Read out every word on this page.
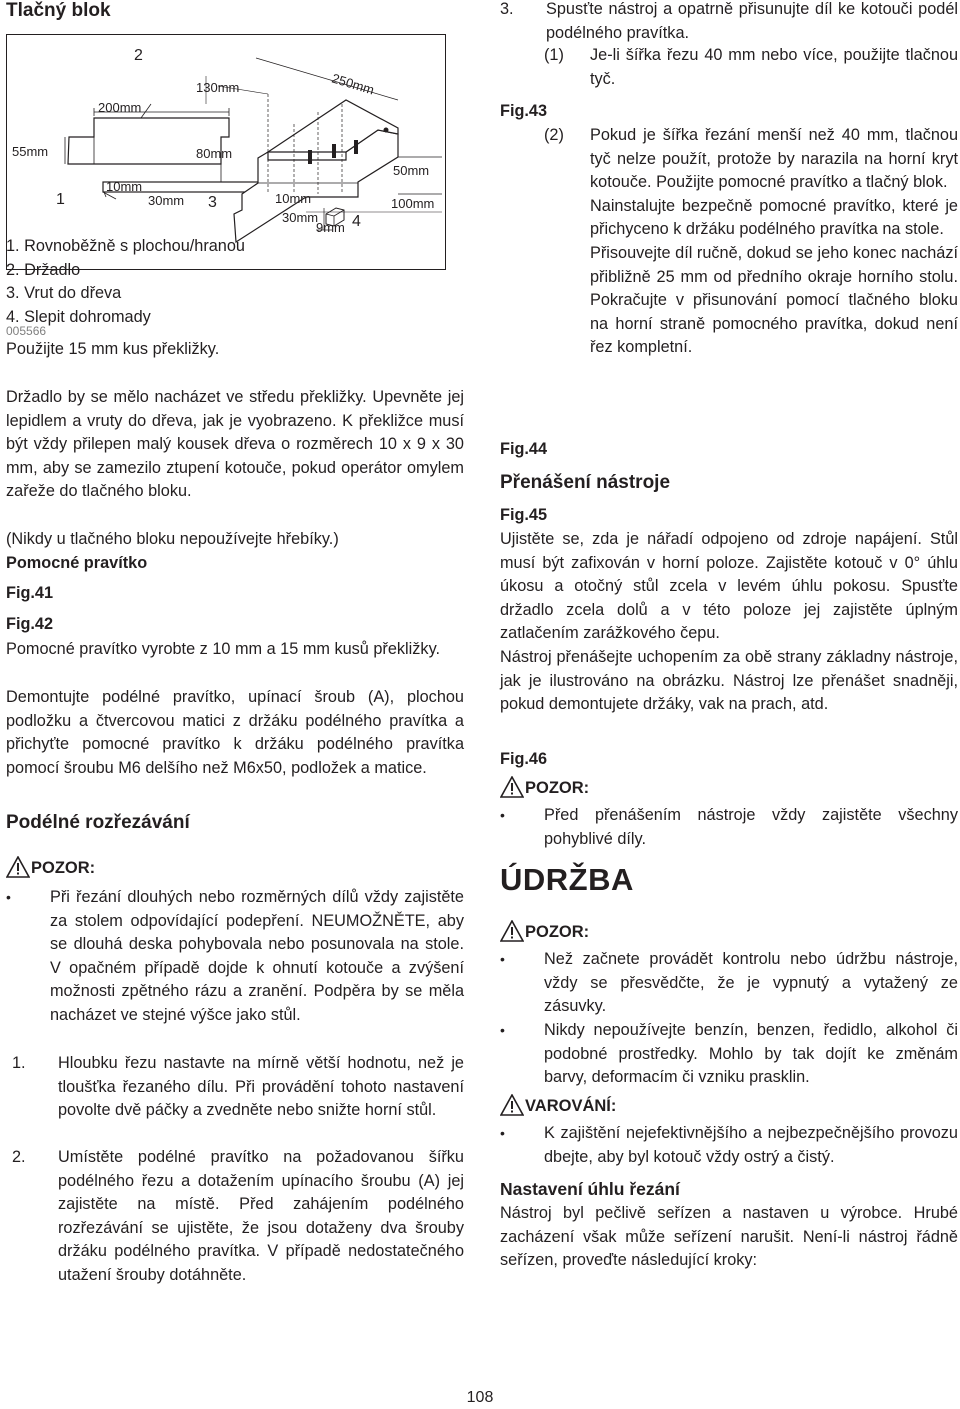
Tlačný blok
2
200mm
130mm	250mm
55mm	80mm
50mm
1
10mm
30mm 3	10mm	100mm
30mm
9mm 4
1. Rovnoběžně s plochou/hranou
2. Držadlo
3. Vrut do dřeva
4. Slepit dohromady
005566
Použijte 15 mm kus překližky.
Držadlo by se mělo nacházet ve středu překližky. Upevněte jej lepidlem a vruty do dřeva, jak je vyobrazeno. K překližce musí být vždy přilepen malý kousek dřeva o rozměrech 10 x 9 x 30 mm, aby se zamezilo ztupení kotouče, pokud operátor omylem zařeže do tlačného bloku.
(Nikdy u tlačného bloku nepoužívejte hřebíky.)
Pomocné pravítko
Fig.41
Fig.42
Pomocné pravítko vyrobte z 10 mm a 15 mm kusů překližky.
Demontujte podélné pravítko, upínací šroub (A), plochou podložku a čtvercovou matici z držáku podélného pravítka a přichyťte pomocné pravítko k držáku podélného pravítka pomocí šroubu M6 delšího než M6x50, podložek a matice.
Podélné rozřezávání
POZOR:
• Při řezání dlouhých nebo rozměrných dílů vždy zajistěte za stolem odpovídající podepření. NEUMOŽNĚTE, aby se dlouhá deska pohybovala nebo posunovala na stole. V opačném případě dojde k ohnutí kotouče a zvýšení možnosti zpětného rázu a zranění. Podpěra by se měla nacházet ve stejné výšce jako stůl.
1. Hloubku řezu nastavte na mírně větší hodnotu, než je tloušťka řezaného dílu. Při provádění tohoto nastavení povolte dvě páčky a zvedněte nebo snižte horní stůl.
2. Umístěte podélné pravítko na požadovanou šířku podélného řezu a dotažením upínacího šroubu (A) jej zajistěte na místě. Před zahájením podélného rozřezávání se ujistěte, že jsou dotaženy dva šrouby držáku podélného pravítka. V případě nedostatečného utažení šrouby dotáhněte.
3. Spusťte nástroj a opatrně přisunujte díl ke kotouči podél podélného pravítka.
(1) Je-li šířka řezu 40 mm nebo více, použijte tlačnou tyč.
Fig.43
(2) Pokud je šířka řezání menší než 40 mm, tlačnou tyč nelze použít, protože by narazila na horní kryt kotouče. Použijte pomocné pravítko a tlačný blok.
Nainstalujte bezpečně pomocné pravítko, které je přichyceno k držáku podélného pravítka na stole.
Přisouvejte díl ručně, dokud se jeho konec nachází přibližně 25 mm od předního okraje horního stolu. Pokračujte v přisunování pomocí tlačného bloku na horní straně pomocného pravítka, dokud není řez kompletní.
Fig.44
Přenášení nástroje
Fig.45
Ujistěte se, zda je nářadí odpojeno od zdroje napájení. Stůl musí být zafixován v horní poloze. Zajistěte kotouč v 0° úhlu úkosu a otočný stůl zcela v levém úhlu pokosu. Spusťte držadlo zcela dolů a v této poloze jej zajistěte úplným zatlačením zarážkového čepu.
Nástroj přenášejte uchopením za obě strany základny nástroje, jak je ilustrováno na obrázku. Nástroj lze přenášet snadněji, pokud demontujete držáky, vak na prach, atd.
Fig.46
POZOR:
• Před přenášením nástroje vždy zajistěte všechny pohyblivé díly.
ÚDRŽBA
POZOR:
• Než začnete provádět kontrolu nebo údržbu nástroje, vždy se přesvědčte, že je vypnutý a vytažený ze zásuvky.
• Nikdy nepoužívejte benzín, benzen, ředidlo, alkohol či podobné prostředky. Mohlo by tak dojít ke změnám barvy, deformacím či vzniku prasklin.
VAROVÁNÍ:
• K zajištění nejefektivnějšího a nejbezpečnějšího provozu dbejte, aby byl kotouč vždy ostrý a čistý.
Nastavení úhlu řezání
Nástroj byl pečlivě seřízen a nastaven u výrobce. Hrubé zacházení však může seřízení narušit. Není-li nástroj řádně seřízen, proveďte následující kroky:
108
